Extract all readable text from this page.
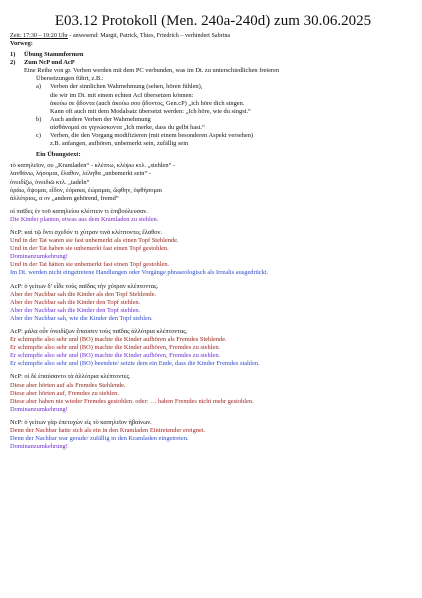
E03.12 Protokoll (Men. 240a-240d) zum 30.06.2025
Zeit: 17:30 – 19:20 Uhr - anwesend: Margit, Patrick, Thies, Friedrich – verhindert Sabrina
Vorweg:
1)	Übung Stammformen
2)	Zum NcP und AcP
Eine Reihe von gr. Verben werden mit dem PC verbunden, was im Dt. zu unterschiedlichen freieren
Übersetzungen führt, z.B.:
a)	Verben der sinnlichen Wahrnehmung (sehen, hören fühlen),
die wir im Dt. mit einem echten AcI übersetzen können:
ἀκούω σε ᾄδοντα (auch ἀκούω σου ᾄδοντος, Gen.cP) „ich höre dich singen.
Kann oft auch mit dem Modalsatz übersetzt werden: „Ich höre, wie du singst.“
b)	Auch andere Verben der Wahrnehmung
αἰσθάνομαί σε γιγνώσκοντα „Ich merke, dass du gelbt hast.“
c)	Verben, die den Vorgang modifizieren (mit einem besonderen Aspekt versehen)
z.B. anfangen, aufhören, unbemerkt sein, zufällig sein
Ein Übungstext:
τὸ καπηλεῖον, ου „Kramladen“ - κλέπτω, κλέψω κτλ. „stehlen“ -
λανθάνω, λήσομαι, ἔλαθον, λέληθα „unbemerkt sein“ -
ὀνειδίζω, ὀνειδιῶ κτλ. „tadeln“
ὁράω, ὄψομαι, εἶδον, ἑόρακα, ἑώραμαι, ὤφθην, ὀφθήσομαι
ἀλλότριος, α ον „andern gehörend, fremd“
οἱ παῖδες ἐν τοῦ καπηλείου κλέπτειν τι ἐπιβούλευσαν.
Die Kinder planten, etwas aus dem Kramladen zu stehlen.
NcP: καὶ τῷ ὄντι σχεδόν τι χύτραν τινὰ κλέπτοντες ἔλαθον.
Und in der Tat waren sie fast unbemerkt als einen Topf Stehlende.
Und in der Tat haben sie unbemerkt fast einen Topf gestohlen.
Dominanzumkehrung!
Und in der Tat hätten sie unbemerkt fast einen Topf gestohlen.
Im Dt. werden nicht eingetretene Handlungen oder Vorgänge phraseologisch als Irrealis ausgedrückt.
AcP: ὁ γείτων δ’ εἶδε τοὺς παῖδας τὴν χύτραν κλέπτοντας.
Aber der Nachbar sah die Kinder als den Topf Stehlende.
Aber der Nachbar sah die Kinder den Topf stehlen.
Aber der Nachbar sah die Kinder den Topf stehlen.
Aber der Nachbar sah, wie die Kinder den Topf stehlen.
AcP: μάλα οὖν ὀνειδίζων ἔπαυσεν τοὺς παῖδας ἀλλότρια κλέπτοντας.
Er schimpfte also sehr und (BO) machte die Kinder aufhören als Fremdes Stehlende.
Er schimpfte also sehr und (BO) machte die Kinder aufhören, Fremdes zu stehlen.
Er schimpfte also sehr und (BO) machte die Kinder aufhören, Fremdes zu stehlen.
Er schimpfte also sehr und (BO) beendete/ setzte dem ein Ende, dass die Kinder Fremdes stahlen.
NcP: οἱ δὲ ἐπαύσαντο τὰ ἀλλότρια κλέπτοντες.
Diese aber hörten auf als Fremdes Stehlende.
Diese aber hörten auf, Fremdes zu stehlen.
Diese aber haben nie wieder Fremdes gestohlen. oder: … haben Fremdes nicht mehr gestohlen.
Dominanzumkehrung!
NcP: ὁ γείτων γὰρ ἐπετυχὼν εἰς τὸ καπηλεῖον ἠβαίνων.
Denn der Nachbar hatte sich als ein in den Kramladen Eintretender ereignet.
Denn der Nachbar war gerade/ zufällig in den Kramladen eingetreten.
Dominanzumkehrung!
